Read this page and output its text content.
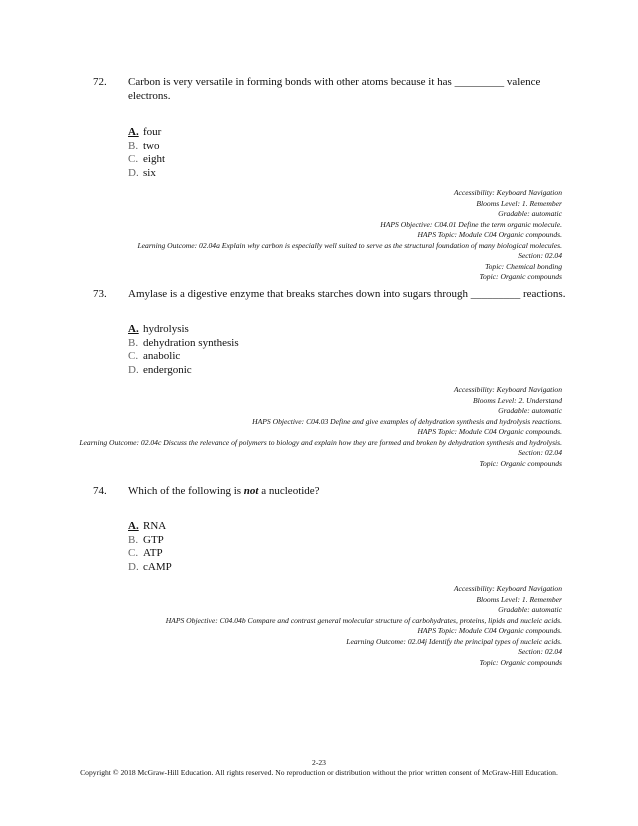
72. Carbon is very versatile in forming bonds with other atoms because it has _________ valence electrons.
A. four
B. two
C. eight
D. six
Accessibility: Keyboard Navigation
Blooms Level: 1. Remember
Gradable: automatic
HAPS Objective: C04.01 Define the term organic molecule.
HAPS Topic: Module C04 Organic compounds.
Learning Outcome: 02.04a Explain why carbon is especially well suited to serve as the structural foundation of many biological molecules.
Section: 02.04
Topic: Chemical bonding
Topic: Organic compounds
73. Amylase is a digestive enzyme that breaks starches down into sugars through _________ reactions.
A. hydrolysis
B. dehydration synthesis
C. anabolic
D. endergonic
Accessibility: Keyboard Navigation
Blooms Level: 2. Understand
Gradable: automatic
HAPS Objective: C04.03 Define and give examples of dehydration synthesis and hydrolysis reactions.
HAPS Topic: Module C04 Organic compounds.
Learning Outcome: 02.04c Discuss the relevance of polymers to biology and explain how they are formed and broken by dehydration synthesis and hydrolysis.
Section: 02.04
Topic: Organic compounds
74. Which of the following is not a nucleotide?
A. RNA
B. GTP
C. ATP
D. cAMP
Accessibility: Keyboard Navigation
Blooms Level: 1. Remember
Gradable: automatic
HAPS Objective: C04.04b Compare and contrast general molecular structure of carbohydrates, proteins, lipids and nucleic acids.
HAPS Topic: Module C04 Organic compounds.
Learning Outcome: 02.04j Identify the principal types of nucleic acids.
Section: 02.04
Topic: Organic compounds
2-23
Copyright © 2018 McGraw-Hill Education. All rights reserved. No reproduction or distribution without the prior written consent of McGraw-Hill Education.
